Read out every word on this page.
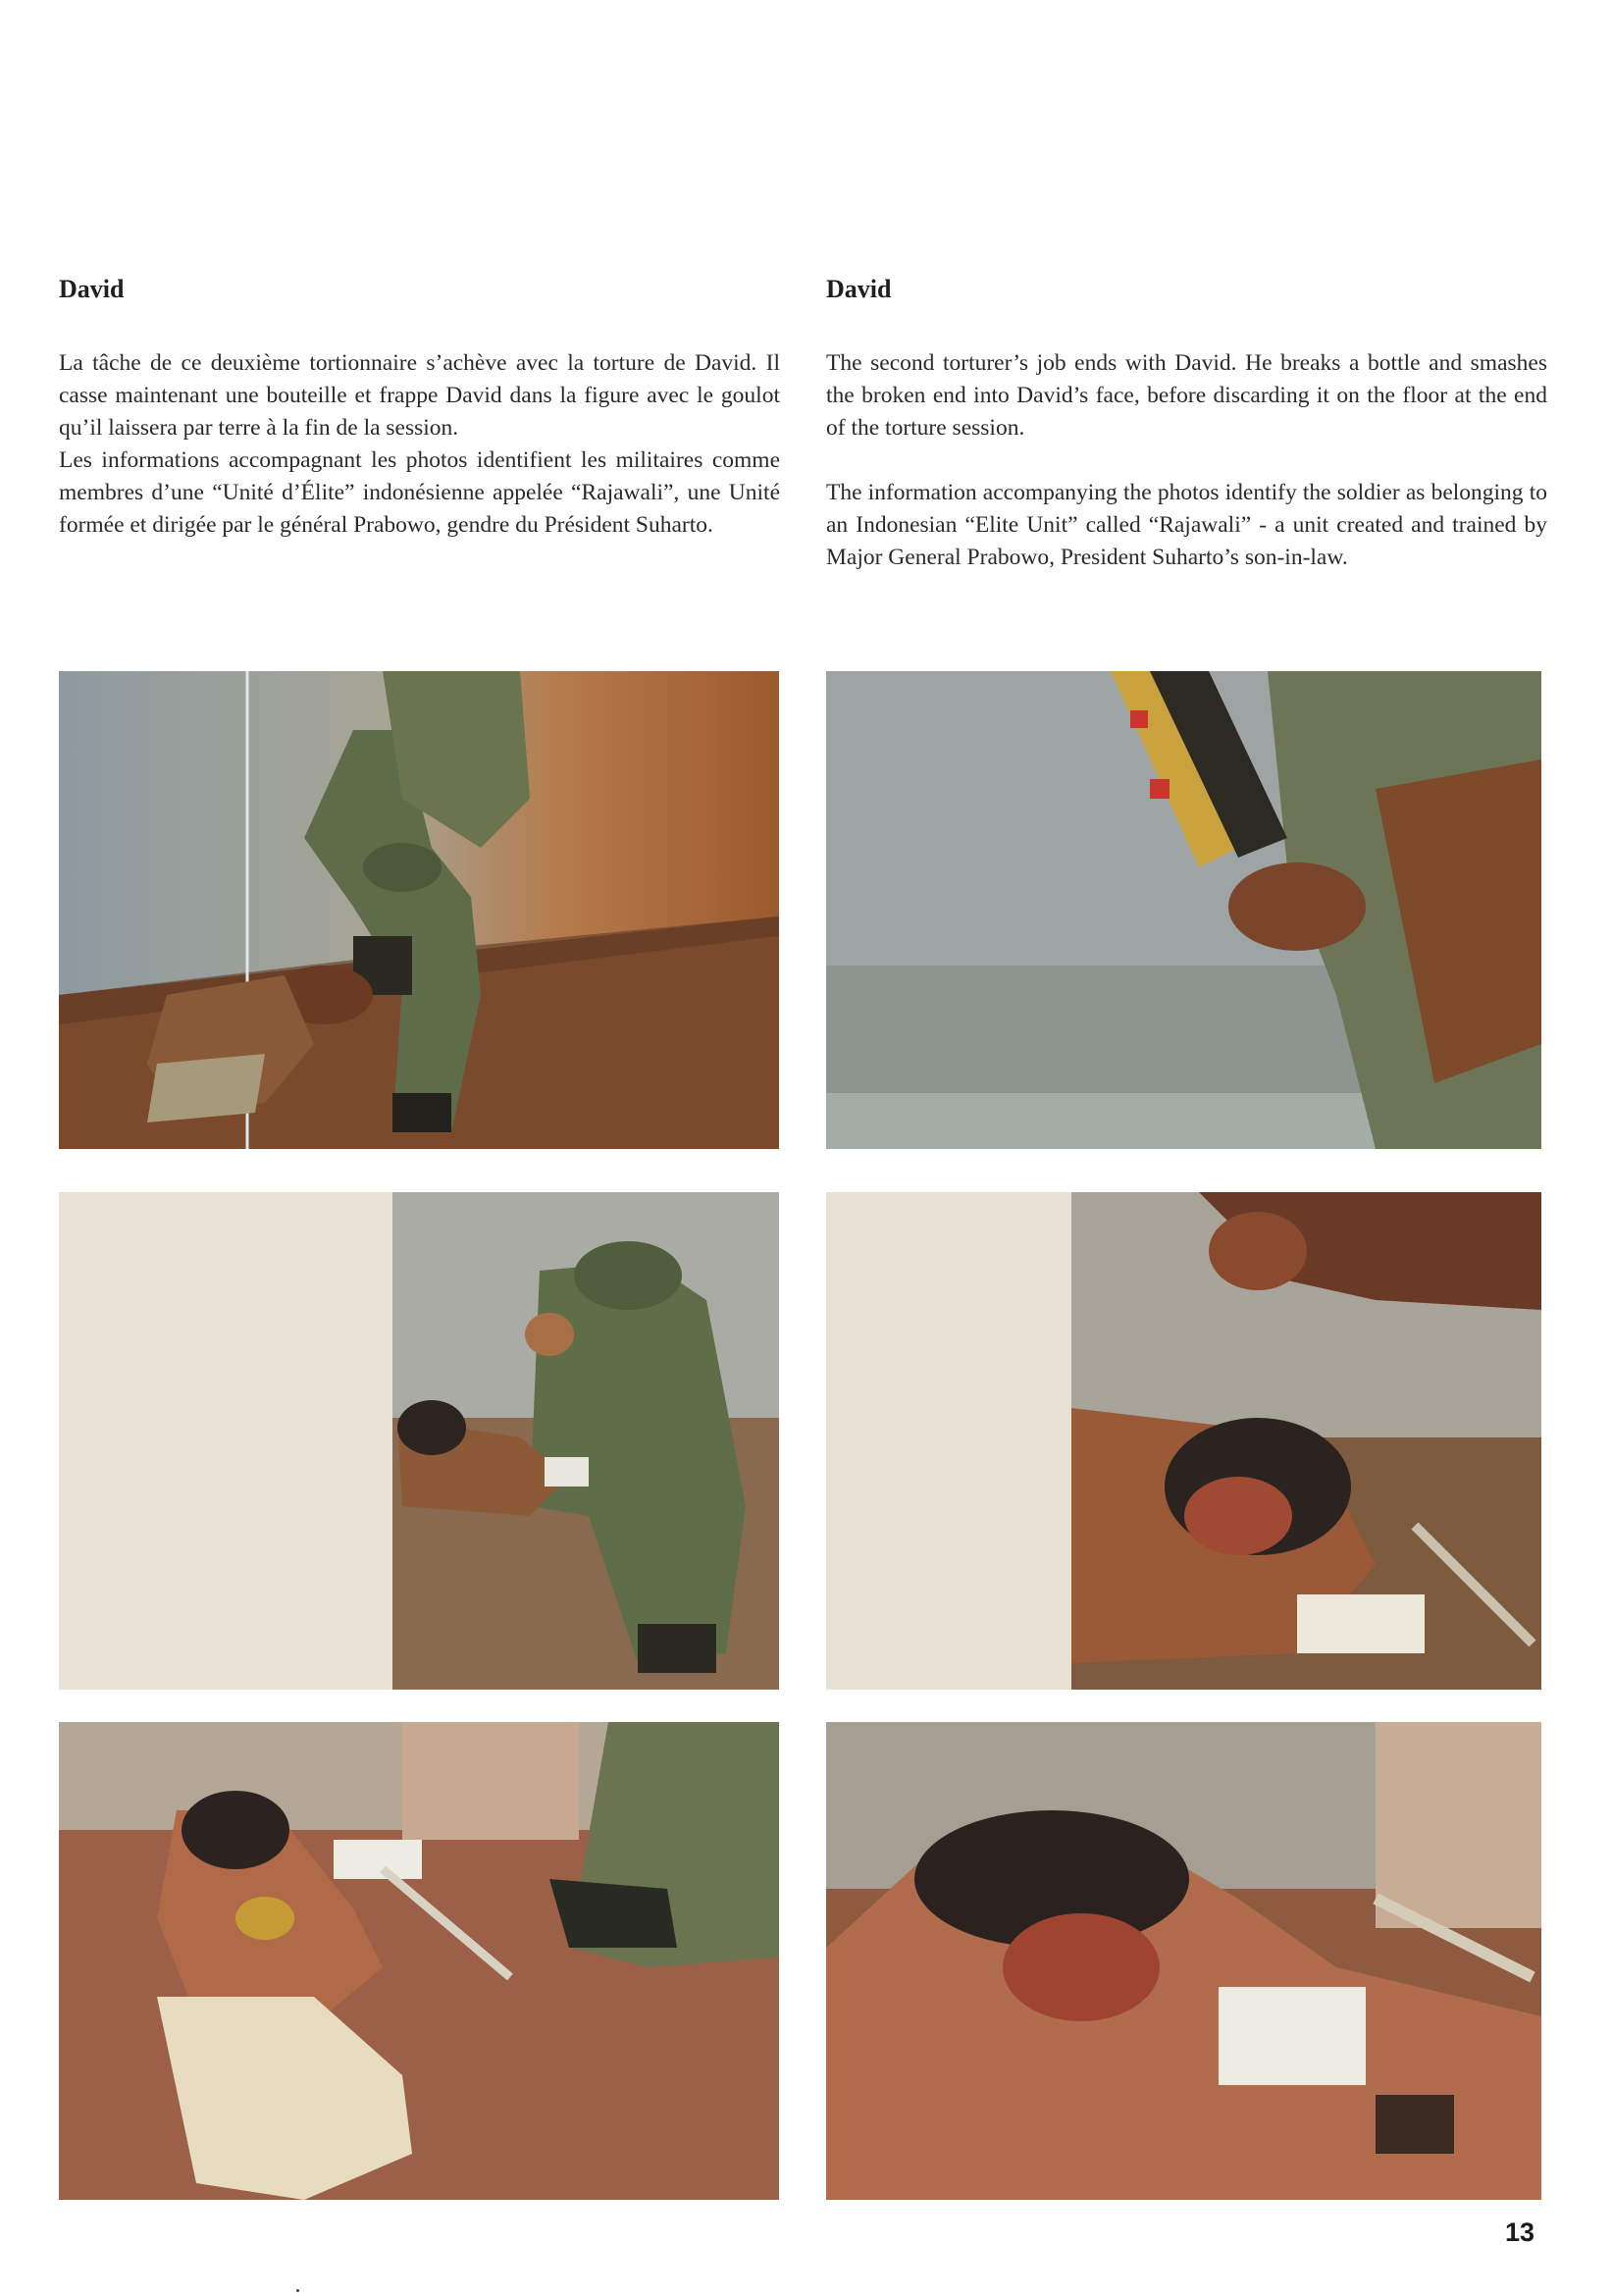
David

La tâche de ce deuxième tortionnaire s’achève avec la torture de David. Il casse maintenant une bouteille et frappe David dans la figure avec le goulot qu’il laissera par terre à la fin de la session.

Les informations accompagnant les photos identifient les militaires comme membres d’une “Unité d’Élite” indonésienne appelée “Rajawali”, une Unité formée et dirigée par le général Prabowo, gendre du Président Suharto.

David

The second torturer’s job ends with David. He breaks a bottle and smashes the broken end into David’s face, before discarding it on the floor at the end of the torture session.

The information accompanying the photos identify the soldier as belonging to an Indonesian “Elite Unit” called “Rajawali” - a unit created and trained by Major General Prabowo, President Suharto’s son-in-law.

13
